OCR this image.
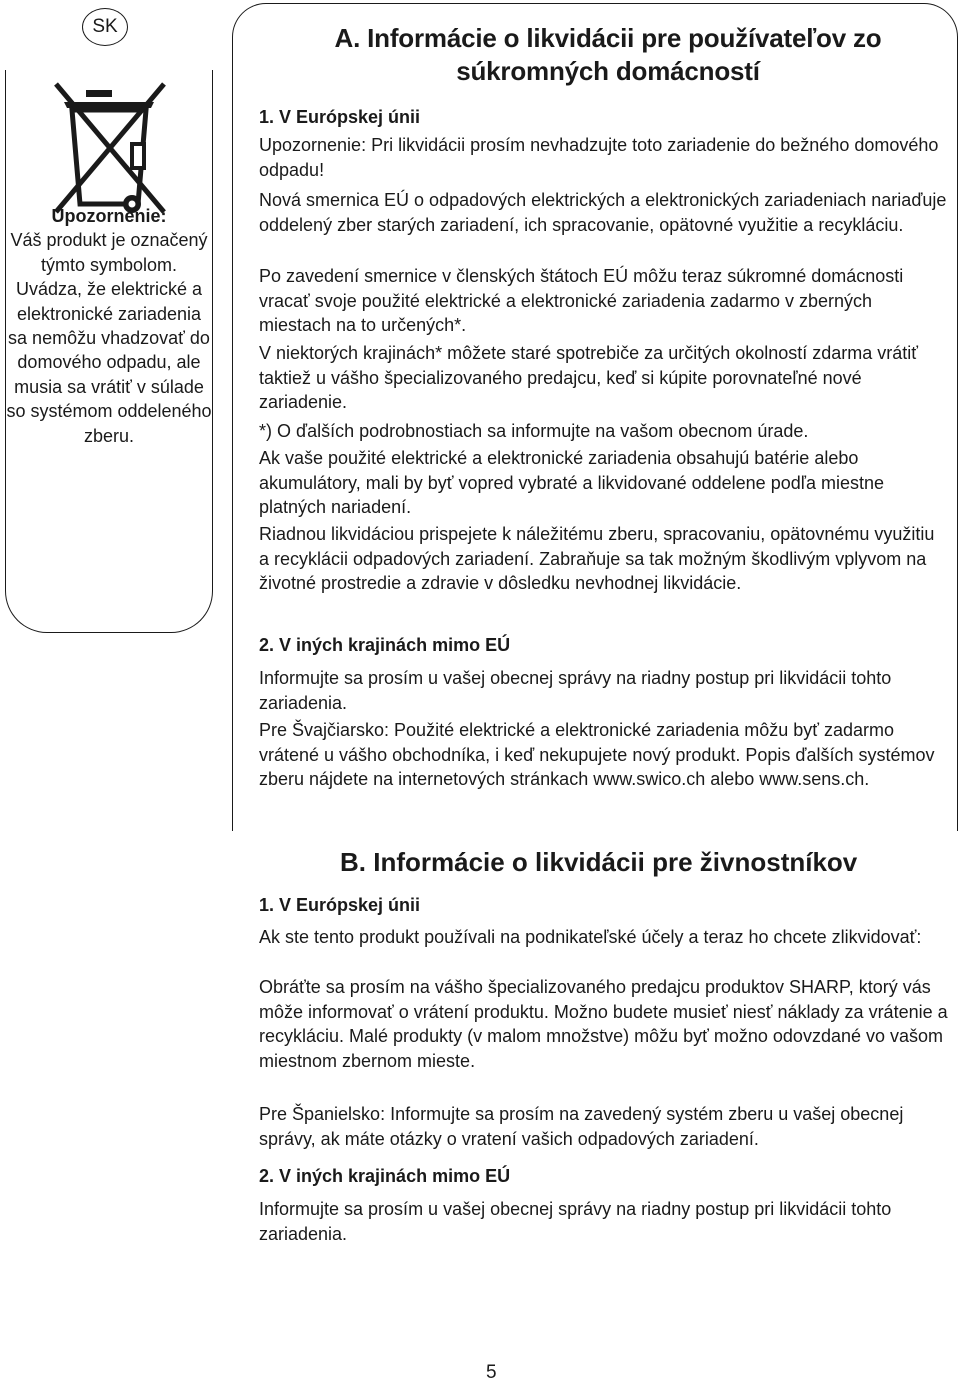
SK
Upozornenie:
Váš produkt je označený týmto symbolom. Uvádza, že elektrické a elektronické zariadenia sa nemôžu vhadzovať do domového odpadu, ale musia sa vrátiť v súlade so systémom oddeleného zberu.
A. Informácie o likvidácii pre používateľov zo súkromných domácností
1. V Európskej únii

Upozornenie: Pri likvidácii prosím nevhadzujte toto zariadenie do bežného domového odpadu!

Nová smernica EÚ o odpadových elektrických a elektronických zariadeniach nariaďuje oddelený zber starých zariadení, ich spracovanie, opätovné využitie a recykláciu.

Po zavedení smernice v členských štátoch EÚ môžu teraz súkromné domácnosti vracať svoje použité elektrické a elektronické zariadenia zadarmo v zberných miestach na to určených*.

V niektorých krajinách* môžete staré spotrebiče za určitých okolností zdarma vrátiť taktiež u vášho špecializovaného predajcu, keď si kúpite porovnateľné nové zariadenie.

*) O ďalších podrobnostiach sa informujte na vašom obecnom úrade.

Ak vaše použité elektrické a elektronické zariadenia obsahujú batérie alebo akumulátory, mali by byť vopred vybraté a likvidované oddelene podľa miestne platných nariadení.

Riadnou likvidáciou prispejete k náležitému zberu, spracovaniu, opätovnému využitiu a recyklácii odpadových zariadení. Zabraňuje sa tak možným škodlivým vplyvom na životné prostredie a zdravie v dôsledku nevhodnej likvidácie.

2. V iných krajinách mimo EÚ

Informujte sa prosím u vašej obecnej správy na riadny postup pri likvidácii tohto zariadenia.

Pre Švajčiarsko: Použité elektrické a elektronické zariadenia môžu byť zadarmo vrátené u vášho obchodníka, i keď nekupujete nový produkt. Popis ďalších systémov zberu nájdete na internetových stránkach www.swico.ch alebo www.sens.ch.

B. Informácie o likvidácii pre živnostníkov
1. V Európskej únii

Ak ste tento produkt používali na podnikateľské účely a teraz ho chcete zlikvidovať:

Obráťte sa prosím na vášho špecializovaného predajcu produktov SHARP, ktorý vás môže informovať o vrátení produktu. Možno budete musieť niesť náklady za vrátenie a recykláciu. Malé produkty (v malom množstve) môžu byť možno odovzdané vo vašom miestnom zbernom mieste.

Pre Španielsko: Informujte sa prosím na zavedený systém zberu u vašej obecnej správy, ak máte otázky o vratení vašich odpadových zariadení.

2. V iných krajinách mimo EÚ

Informujte sa prosím u vašej obecnej správy na riadny postup pri likvidácii tohto zariadenia.

5
